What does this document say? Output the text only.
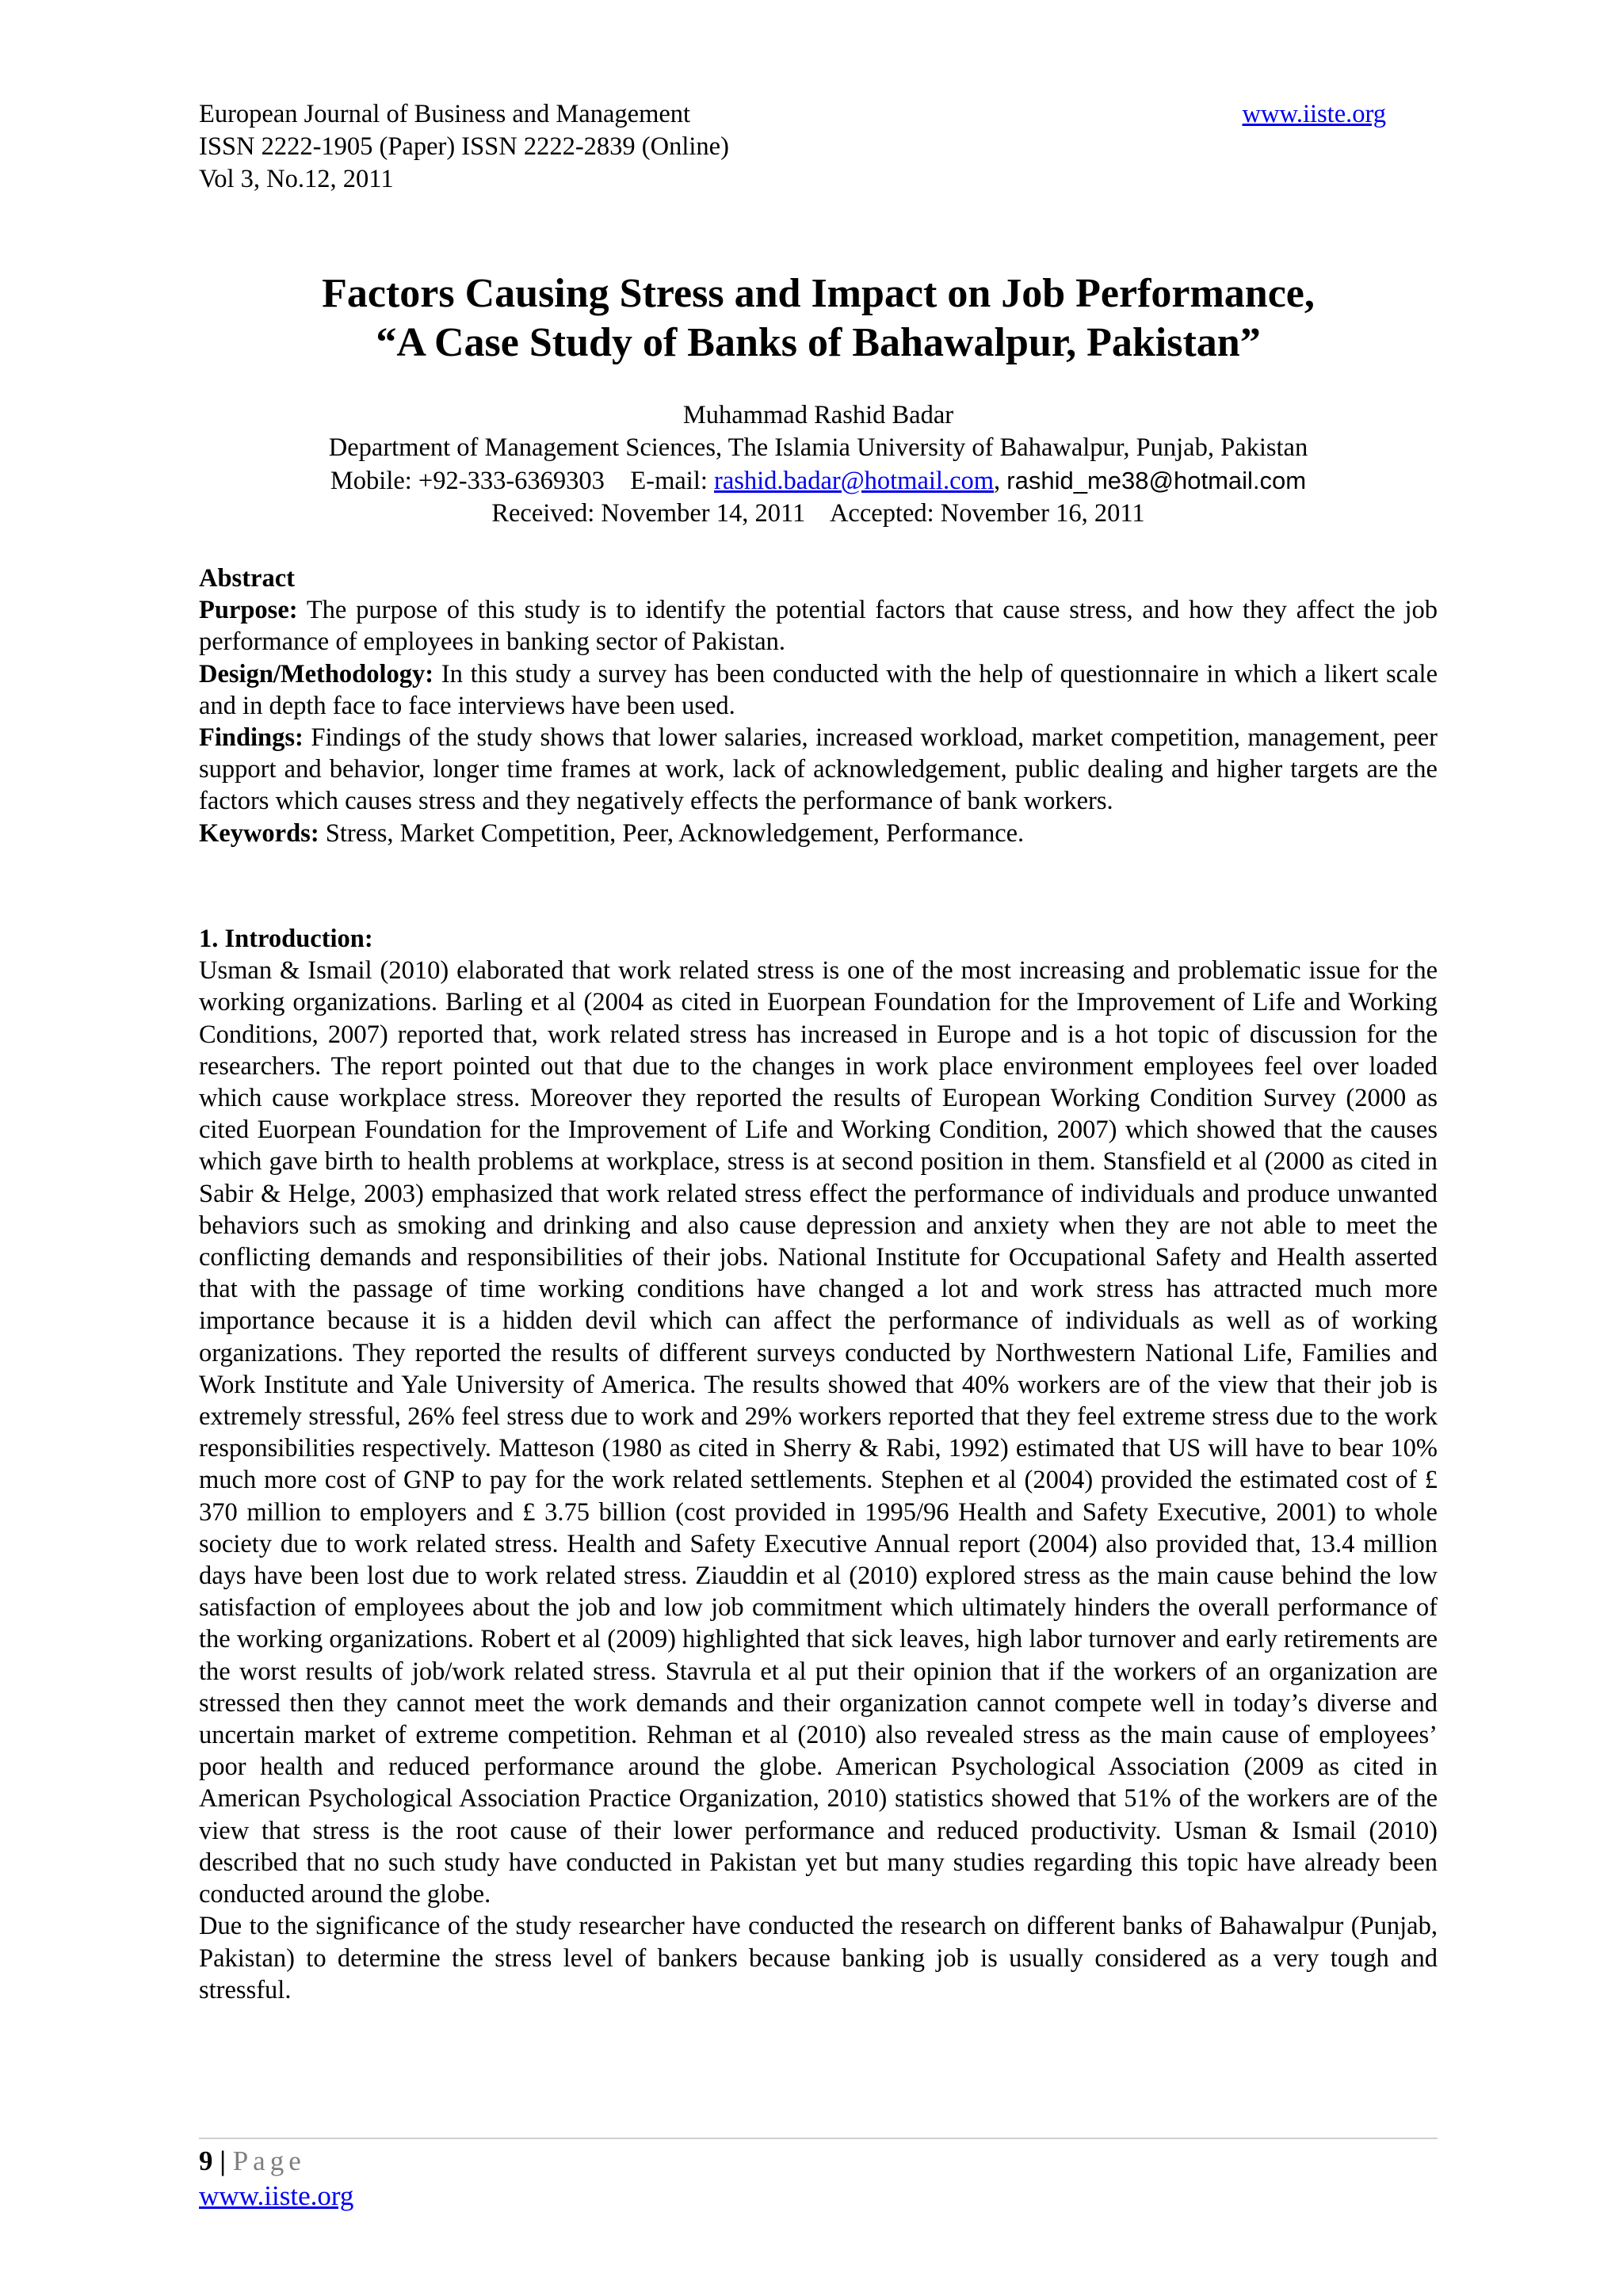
European Journal of Business and Management	www.iiste.org
ISSN 2222-1905 (Paper) ISSN 2222-2839 (Online)
Vol 3, No.12, 2011
Factors Causing Stress and Impact on Job Performance,
“A Case Study of Banks of Bahawalpur, Pakistan”
Muhammad Rashid Badar
Department of Management Sciences, The Islamia University of Bahawalpur, Punjab, Pakistan
Mobile: +92-333-6369303 E-mail: rashid.badar@hotmail.com, rashid_me38@hotmail.com
Received: November 14, 2011 Accepted: November 16, 2011

Abstract

Purpose: The purpose of this study is to identify the potential factors that cause stress, and how they affect the job performance of employees in banking sector of Pakistan.

Design/Methodology: In this study a survey has been conducted with the help of questionnaire in which a likert scale and in depth face to face interviews have been used.

Findings: Findings of the study shows that lower salaries, increased workload, market competition, management, peer support and behavior, longer time frames at work, lack of acknowledgement, public dealing and higher targets are the factors which causes stress and they negatively effects the performance of bank workers.

Keywords: Stress, Market Competition, Peer, Acknowledgement, Performance.

1. Introduction:

Usman & Ismail (2010) elaborated that work related stress is one of the most increasing and problematic issue for the working organizations. Barling et al (2004 as cited in Euorpean Foundation for the Improvement of Life and Working Conditions, 2007) reported that, work related stress has increased in Europe and is a hot topic of discussion for the researchers. The report pointed out that due to the changes in work place environment employees feel over loaded which cause workplace stress. Moreover they reported the results of European Working Condition Survey (2000 as cited Euorpean Foundation for the Improvement of Life and Working Condition, 2007) which showed that the causes which gave birth to health problems at workplace, stress is at second position in them. Stansfield et al (2000 as cited in Sabir & Helge, 2003) emphasized that work related stress effect the performance of individuals and produce unwanted behaviors such as smoking and drinking and also cause depression and anxiety when they are not able to meet the conflicting demands and responsibilities of their jobs. National Institute for Occupational Safety and Health asserted that with the passage of time working conditions have changed a lot and work stress has attracted much more importance because it is a hidden devil which can affect the performance of individuals as well as of working organizations. They reported the results of different surveys conducted by Northwestern National Life, Families and Work Institute and Yale University of America. The results showed that 40% workers are of the view that their job is extremely stressful, 26% feel stress due to work and 29% workers reported that they feel extreme stress due to the work responsibilities respectively. Matteson (1980 as cited in Sherry & Rabi, 1992) estimated that US will have to bear 10% much more cost of GNP to pay for the work related settlements. Stephen et al (2004) provided the estimated cost of £ 370 million to employers and £ 3.75 billion (cost provided in 1995/96 Health and Safety Executive, 2001) to whole society due to work related stress. Health and Safety Executive Annual report (2004) also provided that, 13.4 million days have been lost due to work related stress. Ziauddin et al (2010) explored stress as the main cause behind the low satisfaction of employees about the job and low job commitment which ultimately hinders the overall performance of the working organizations. Robert et al (2009) highlighted that sick leaves, high labor turnover and early retirements are the worst results of job/work related stress. Stavrula et al put their opinion that if the workers of an organization are stressed then they cannot meet the work demands and their organization cannot compete well in today’s diverse and uncertain market of extreme competition. Rehman et al (2010) also revealed stress as the main cause of employees’ poor health and reduced performance around the globe. American Psychological Association (2009 as cited in American Psychological Association Practice Organization, 2010) statistics showed that 51% of the workers are of the view that stress is the root cause of their lower performance and reduced productivity. Usman & Ismail (2010) described that no such study have conducted in Pakistan yet but many studies regarding this topic have already been conducted around the globe.

Due to the significance of the study researcher have conducted the research on different banks of Bahawalpur (Punjab, Pakistan) to determine the stress level of bankers because banking job is usually considered as a very tough and stressful.

9 | Page
www.iiste.org
